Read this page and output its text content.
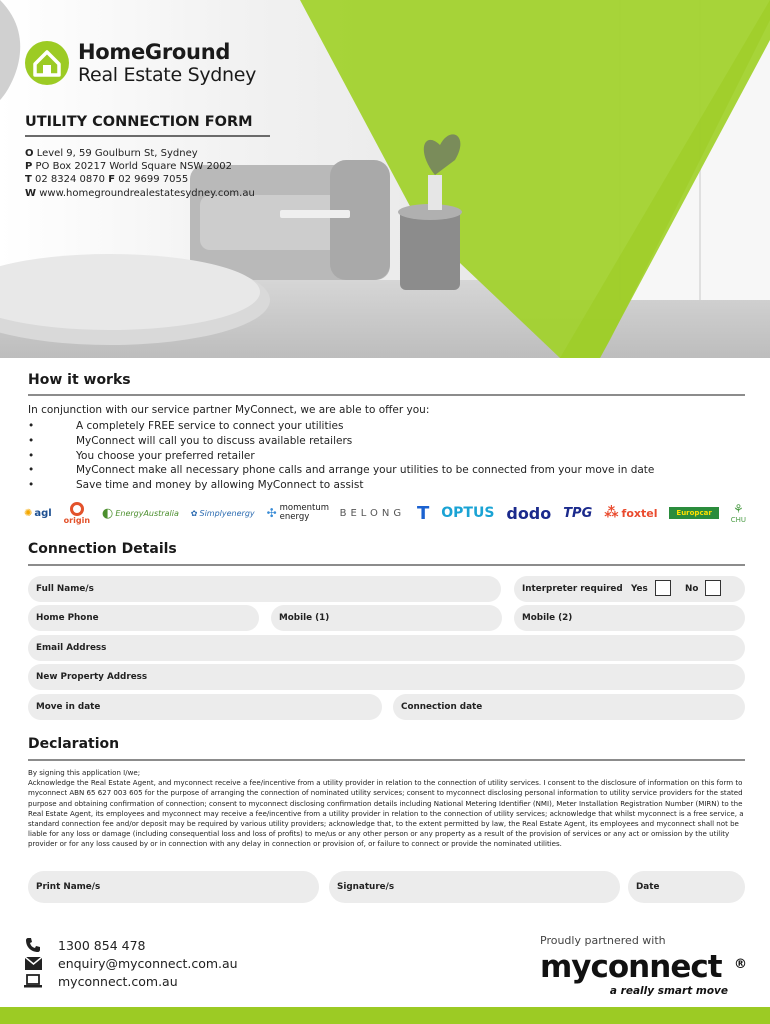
HomeGround
Real Estate Sydney
UTILITY CONNECTION FORM
O Level 9, 59 Goulburn St, Sydney
P PO Box 20217 World Square NSW 2002
T 02 8324 0870 F 02 9699 7055
W www.homegroundrealestatesydney.com.au
How it works
In conjunction with our service partner MyConnect, we are able to offer you:
• A completely FREE service to connect your utilities
• MyConnect will call you to discuss available retailers
• You choose your preferred retailer
• MyConnect make all necessary phone calls and arrange your utilities to be connected from your move in date
• Save time and money by allowing MyConnect to assist
✺ agl
origin ◐ EnergyAustralia ✿ Simplyenergy ✣ momentum energy	BELONG T OPTUS dodo TPG ⁂ foxtel	Europcar	⚘
CHU
Connection Details
Full Name/s	Interpreter required Yes	No
Home Phone	Mobile (1)	Mobile (2)
Email Address
New Property Address
Move in date	Connection date
Declaration

By signing this application I/we;

Acknowledge the Real Estate Agent, and myconnect receive a fee/incentive from a utility provider in relation to the connection of utility services. I consent to the disclosure of information on this form to myconnect ABN 65 627 003 605 for the purpose of arranging the connection of nominated utility services; consent to myconnect disclosing personal information to utility service providers for the stated purpose and obtaining confirmation of connection; consent to myconnect disclosing confirmation details including National Metering Identifier (NMI), Meter Installation Registration Number (MIRN) to the Real Estate Agent, its employees and myconnect may receive a fee/incentive from a utility provider in relation to the connection of utility services; acknowledge that whilst myconnect is a free service, a standard connection fee and/or deposit may be required by various utility providers; acknowledge that, to the extent permitted by law, the Real Estate Agent, its employees and myconnect shall not be liable for any loss or damage (including consequential loss and loss of profits) to me/us or any other person or any property as a result of the provision of services or any act or omission by the utility provider or for any loss caused by or in connection with any delay in connection or provision of, or failure to connect or provide the nominated utilities.

Print Name/s	Signature/s	Date
1300 854 478
enquiry@myconnect.com.au
myconnect.com.au
Proudly partnered with
myconnect ®
a really smart move
